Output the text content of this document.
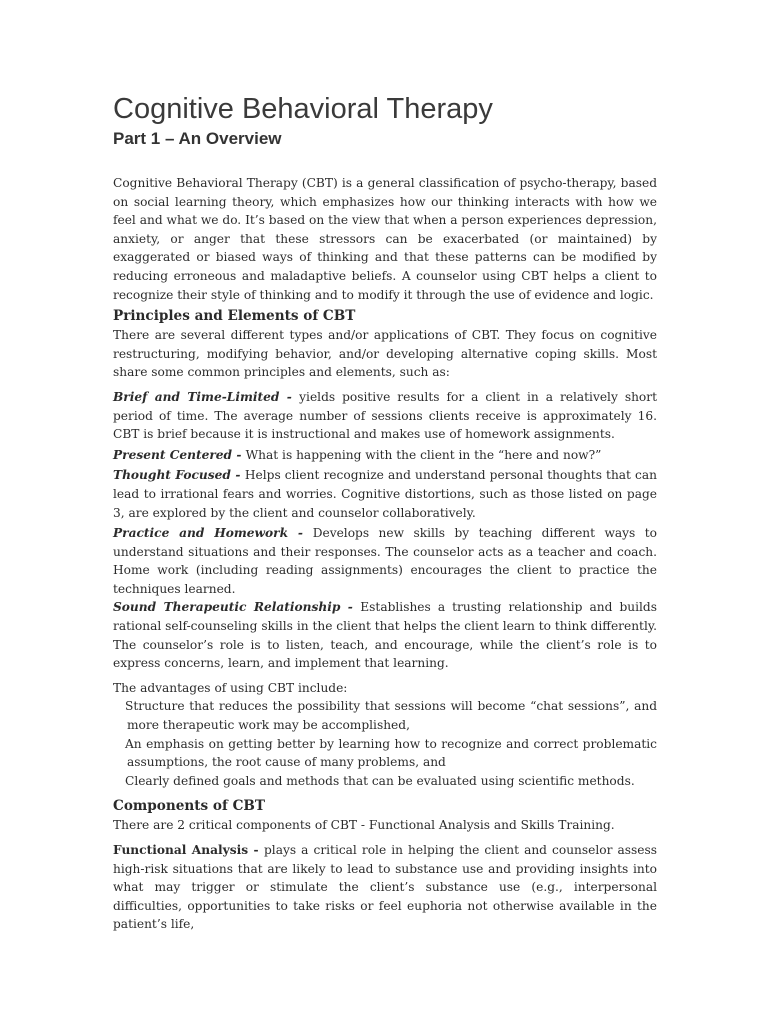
Cognitive Behavioral Therapy
Part 1 – An Overview

Cognitive Behavioral Therapy (CBT) is a general classification of psycho-therapy, based on social learning theory, which emphasizes how our thinking interacts with how we feel and what we do. It’s based on the view that when a person experiences depression, anxiety, or anger that these stressors can be exacerbated (or maintained) by exaggerated or biased ways of thinking and that these patterns can be modified by reducing erroneous and maladaptive beliefs. A counselor using CBT helps a client to recognize their style of thinking and to modify it through the use of evidence and logic.

Principles and Elements of CBT

There are several different types and/or applications of CBT. They focus on cognitive restructuring, modifying behavior, and/or developing alternative coping skills. Most share some common principles and elements, such as:

Brief and Time-Limited - yields positive results for a client in a relatively short period of time. The average number of sessions clients receive is approximately 16. CBT is brief because it is instructional and makes use of homework assignments.

Present Centered - What is happening with the client in the “here and now?”

Thought Focused - Helps client recognize and understand personal thoughts that can lead to irrational fears and worries. Cognitive distortions, such as those listed on page 3, are explored by the client and counselor collaboratively.

Practice and Homework - Develops new skills by teaching different ways to understand situations and their responses. The counselor acts as a teacher and coach. Home work (including reading assignments) encourages the client to practice the techniques learned.

Sound Therapeutic Relationship - Establishes a trusting relationship and builds rational self-counseling skills in the client that helps the client learn to think differently. The counselor’s role is to listen, teach, and encourage, while the client’s role is to express concerns, learn, and implement that learning.

The advantages of using CBT include:

Structure that reduces the possibility that sessions will become “chat sessions”, and more therapeutic work may be accomplished,

An emphasis on getting better by learning how to recognize and correct problematic assumptions, the root cause of many problems, and

Clearly defined goals and methods that can be evaluated using scientific methods.

Components of CBT

There are 2 critical components of CBT - Functional Analysis and Skills Training.

Functional Analysis - plays a critical role in helping the client and counselor assess high-risk situations that are likely to lead to substance use and providing insights into what may trigger or stimulate the client’s substance use (e.g., interpersonal difficulties, opportunities to take risks or feel euphoria not otherwise available in the patient’s life,
